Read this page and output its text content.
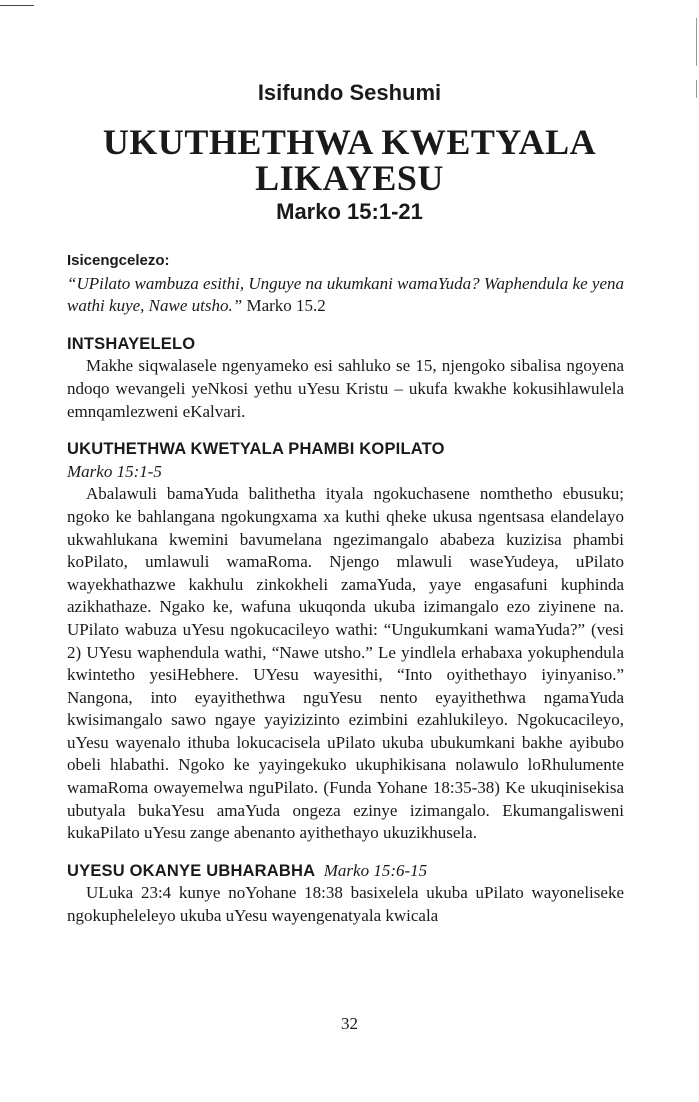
Isifundo Seshumi
UKUTHETHWA KWETYALA
LIKAYESU
Marko 15:1-21
Isicengcelezo:

“UPilato wambuza esithi, Unguye na ukumkani wamaYuda? Waphendula ke yena wathi kuye, Nawe utsho.” Marko 15.2

INTSHAYELELO

Makhe siqwalasele ngenyameko esi sahluko se 15, njengoko sibalisa ngoyena ndoqo wevangeli yeNkosi yethu uYesu Kristu – ukufa kwakhe kokusihlawulela emnqamlezweni eKalvari.

UKUTHETHWA KWETYALA PHAMBI KOPILATO
Marko 15:1-5

Abalawuli bamaYuda balithetha ityala ngokuchasene nomthetho ebusuku; ngoko ke bahlangana ngokungxama xa kuthi qheke ukusa ngentsasa elandelayo ukwahlukana kwemini bavumelana ngezimangalo ababeza kuzizisa phambi koPilato, umlawuli wamaRoma. Njengo mlawuli waseYudeya, uPilato wayekhathazwe kakhulu zinkokheli zamaYuda, yaye engasafuni kuphinda azikhathaze. Ngako ke, wafuna ukuqonda ukuba izimangalo ezo ziyinene na. UPilato wabuza uYesu ngokucacileyo wathi: “Ungukumkani wamaYuda?” (vesi 2) UYesu waphendula wathi, “Nawe utsho.” Le yindlela erhabaxa yokuphendula kwintetho yesiHebhere. UYesu wayesithi, “Into oyithethayo iyinyaniso.” Nangona, into eyayithethwa nguYesu nento eyayithethwa ngamaYuda kwisimangalo sawo ngaye yayizizinto ezimbini ezahlukileyo. Ngokucacileyo, uYesu wayenalo ithuba lokucacisela uPilato ukuba ubukumkani bakhe ayibubo obeli hlabathi. Ngoko ke yayingekuko ukuphikisana nolawulo loRhulumente wamaRoma owayemelwa nguPilato. (Funda Yohane 18:35-38) Ke ukuqinisekisa ubutyala bukaYesu amaYuda ongeza ezinye izimangalo. Ekumangalisweni kukaPilato uYesu zange abenanto ayithethayo ukuzikhusela.

UYESU OKANYE UBHARABHA Marko 15:6-15

ULuka 23:4 kunye noYohane 18:38 basixelela ukuba uPilato wayoneliseke ngokupheleleyo ukuba uYesu wayengenatyala kwicala

32
